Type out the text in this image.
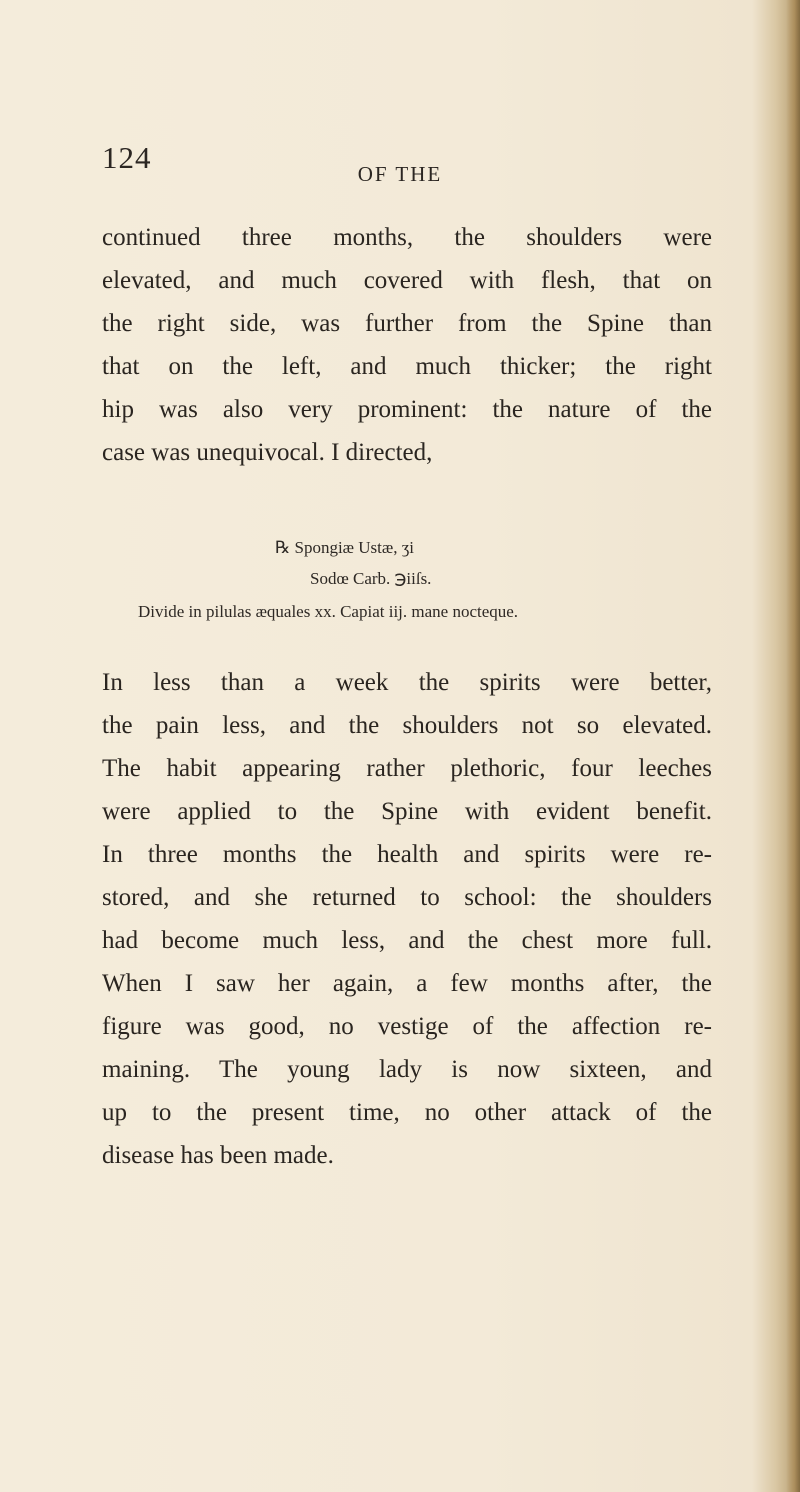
124	OF THE
continued three months, the shoulders were
elevated, and much covered with flesh, that on
the right side, was further from the Spine than
that on the left, and much thicker; the right
hip was also very prominent: the nature of the
case was unequivocal. I directed,
℞ Spongiæ Ustæ, ʒi
Sodœ Carb. ℈iiſs.
Divide in pilulas æquales xx. Capiat iij. mane nocteque.
In less than a week the spirits were better,
the pain less, and the shoulders not so elevated.
The habit appearing rather plethoric, four leeches
were applied to the Spine with evident benefit.
In three months the health and spirits were re-
stored, and she returned to school: the shoulders
had become much less, and the chest more full.
When I saw her again, a few months after, the
figure was good, no vestige of the affection re-
maining. The young lady is now sixteen, and
up to the present time, no other attack of the
disease has been made.
